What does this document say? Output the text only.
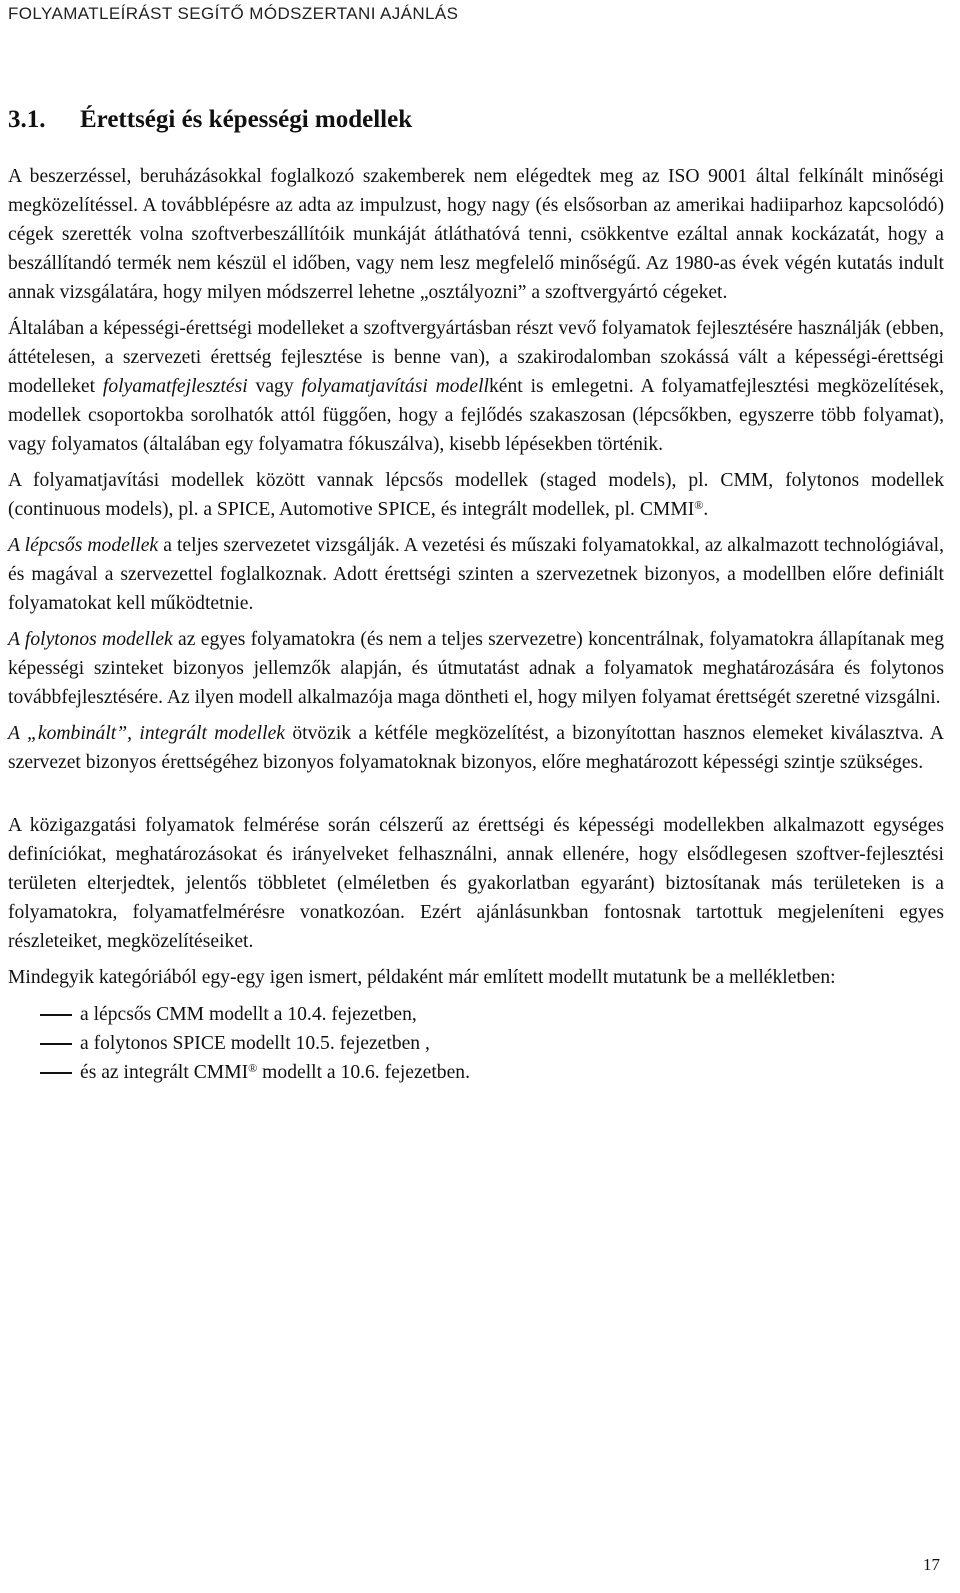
FOLYAMATLEÍRÁST SEGÍTŐ MÓDSZERTANI AJÁNLÁS
3.1. Érettségi és képességi modellek

A beszerzéssel, beruházásokkal foglalkozó szakemberek nem elégedtek meg az ISO 9001 által felkínált minőségi megközelítéssel. A továbblépésre az adta az impulzust, hogy nagy (és elsősorban az amerikai hadiiparhoz kapcsolódó) cégek szerették volna szoftverbeszállítóik munkáját átláthatóvá tenni, csökkentve ezáltal annak kockázatát, hogy a beszállítandó termék nem készül el időben, vagy nem lesz megfelelő minőségű. Az 1980-as évek végén kutatás indult annak vizsgálatára, hogy milyen módszerrel lehetne „osztályozni” a szoftvergyártó cégeket.

Általában a képességi-érettségi modelleket a szoftvergyártásban részt vevő folyamatok fejlesztésére használják (ebben, áttételesen, a szervezeti érettség fejlesztése is benne van), a szakirodalomban szokássá vált a képességi-érettségi modelleket folyamatfejlesztési vagy folyamatjavítási modellként is emlegetni. A folyamatfejlesztési megközelítések, modellek csoportokba sorolhatók attól függően, hogy a fejlődés szakaszosan (lépcsőkben, egyszerre több folyamat), vagy folyamatos (általában egy folyamatra fókuszálva), kisebb lépésekben történik.

A folyamatjavítási modellek között vannak lépcsős modellek (staged models), pl. CMM, folytonos modellek (continuous models), pl. a SPICE, Automotive SPICE, és integrált modellek, pl. CMMI®.

A lépcsős modellek a teljes szervezetet vizsgálják. A vezetési és műszaki folyamatokkal, az alkalmazott technológiával, és magával a szervezettel foglalkoznak. Adott érettségi szinten a szervezetnek bizonyos, a modellben előre definiált folyamatokat kell működtetnie.

A folytonos modellek az egyes folyamatokra (és nem a teljes szervezetre) koncentrálnak, folyamatokra állapítanak meg képességi szinteket bizonyos jellemzők alapján, és útmutatást adnak a folyamatok meghatározására és folytonos továbbfejlesztésére. Az ilyen modell alkalmazója maga döntheti el, hogy milyen folyamat érettségét szeretné vizsgálni.

A „kombinált”, integrált modellek ötvözik a kétféle megközelítést, a bizonyítottan hasznos elemeket kiválasztva. A szervezet bizonyos érettségéhez bizonyos folyamatoknak bizonyos, előre meghatározott képességi szintje szükséges.

A közigazgatási folyamatok felmérése során célszerű az érettségi és képességi modellekben alkalmazott egységes definíciókat, meghatározásokat és irányelveket felhasználni, annak ellenére, hogy elsődlegesen szoftver-fejlesztési területen elterjedtek, jelentős többletet (elméletben és gyakorlatban egyaránt) biztosítanak más területeken is a folyamatokra, folyamatfelmérésre vonatkozóan. Ezért ajánlásunkban fontosnak tartottuk megjeleníteni egyes részleteiket, megközelítéseiket.

Mindegyik kategóriából egy-egy igen ismert, példaként már említett modellt mutatunk be a mellékletben:

a lépcsős CMM modellt a 10.4. fejezetben,
a folytonos SPICE modellt 10.5. fejezetben ,
és az integrált CMMI® modellt a 10.6. fejezetben.
17
